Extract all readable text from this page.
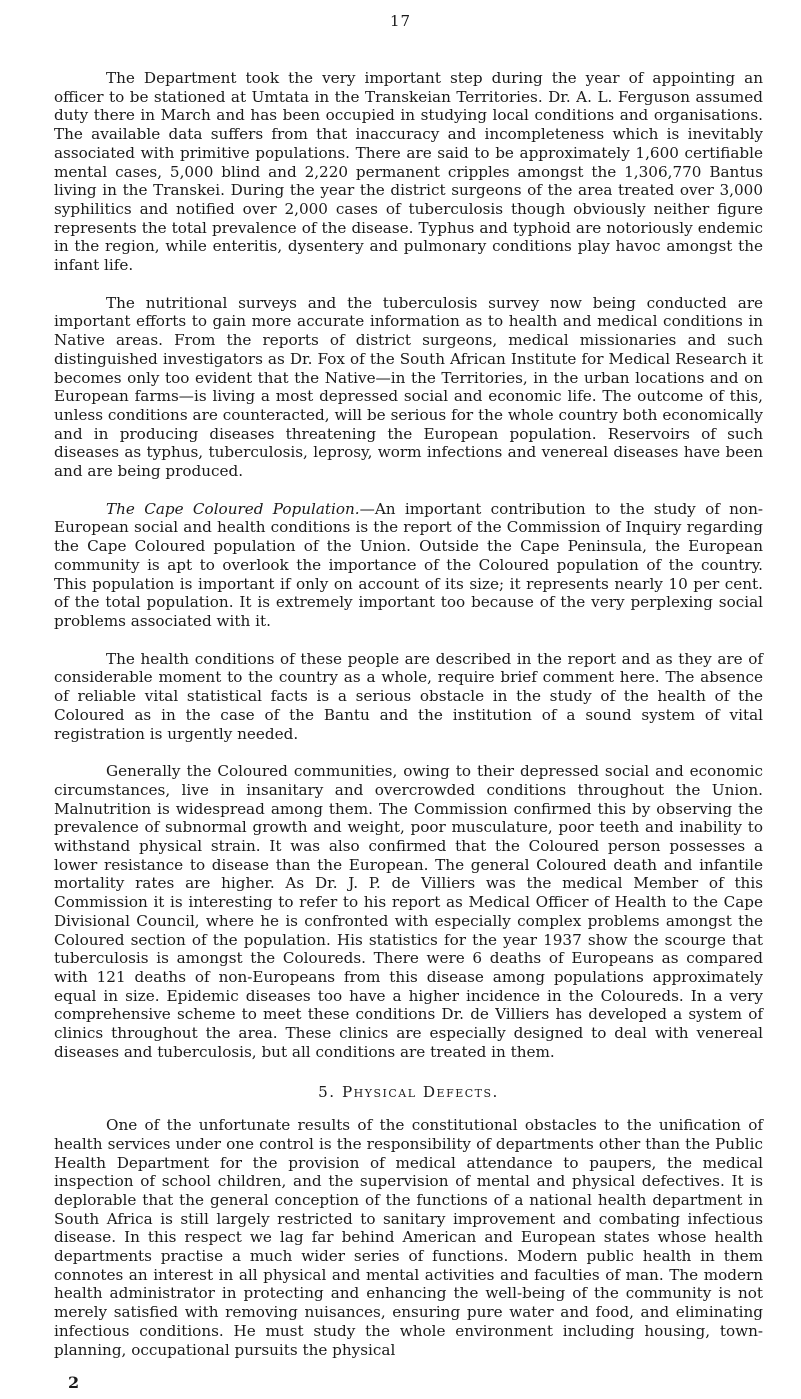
17

The Department took the very important step during the year of appointing an officer to be stationed at Umtata in the Transkeian Territories. Dr. A. L. Ferguson assumed duty there in March and has been occupied in studying local conditions and organisations. The available data suffers from that inaccuracy and incompleteness which is inevitably associated with primitive populations. There are said to be approximately 1,600 certifiable mental cases, 5,000 blind and 2,220 permanent cripples amongst the 1,306,770 Bantus living in the Transkei. During the year the district surgeons of the area treated over 3,000 syphilitics and notified over 2,000 cases of tuberculosis though obviously neither figure represents the total prevalence of the disease. Typhus and typhoid are notoriously endemic in the region, while enteritis, dysentery and pulmonary conditions play havoc amongst the infant life.

The nutritional surveys and the tuberculosis survey now being conducted are important efforts to gain more accurate information as to health and medical conditions in Native areas. From the reports of district surgeons, medical missionaries and such distinguished investigators as Dr. Fox of the South African Institute for Medical Research it becomes only too evident that the Native—in the Territories, in the urban locations and on European farms—is living a most depressed social and economic life. The outcome of this, unless conditions are counteracted, will be serious for the whole country both economically and in producing diseases threatening the European population. Reservoirs of such diseases as typhus, tuberculosis, leprosy, worm infections and venereal diseases have been and are being produced.

The Cape Coloured Population.—An important contribution to the study of non-European social and health conditions is the report of the Commission of Inquiry regarding the Cape Coloured population of the Union. Outside the Cape Peninsula, the European community is apt to overlook the importance of the Coloured population of the country. This population is important if only on account of its size; it represents nearly 10 per cent. of the total population. It is extremely important too because of the very perplexing social problems associated with it.

The health conditions of these people are described in the report and as they are of considerable moment to the country as a whole, require brief comment here. The absence of reliable vital statistical facts is a serious obstacle in the study of the health of the Coloured as in the case of the Bantu and the institution of a sound system of vital registration is urgently needed.

Generally the Coloured communities, owing to their depressed social and economic circumstances, live in insanitary and overcrowded conditions throughout the Union. Malnutrition is widespread among them. The Commission confirmed this by observing the prevalence of subnormal growth and weight, poor musculature, poor teeth and inability to withstand physical strain. It was also confirmed that the Coloured person possesses a lower resistance to disease than the European. The general Coloured death and infantile mortality rates are higher. As Dr. J. P. de Villiers was the medical Member of this Commission it is interesting to refer to his report as Medical Officer of Health to the Cape Divisional Council, where he is confronted with especially complex problems amongst the Coloured section of the population. His statistics for the year 1937 show the scourge that tuberculosis is amongst the Coloureds. There were 6 deaths of Europeans as compared with 121 deaths of non-Europeans from this disease among populations approximately equal in size. Epidemic diseases too have a higher incidence in the Coloureds. In a very comprehensive scheme to meet these conditions Dr. de Villiers has developed a system of clinics throughout the area. These clinics are especially designed to deal with venereal diseases and tuberculosis, but all conditions are treated in them.

5. Physical Defects.

One of the unfortunate results of the constitutional obstacles to the unification of health services under one control is the responsibility of departments other than the Public Health Department for the provision of medical attendance to paupers, the medical inspection of school children, and the supervision of mental and physical defectives. It is deplorable that the general conception of the functions of a national health department in South Africa is still largely restricted to sanitary improvement and combating infectious disease. In this respect we lag far behind American and European states whose health departments practise a much wider series of functions. Modern public health in them connotes an interest in all physical and mental activities and faculties of man. The modern health administrator in protecting and enhancing the well-being of the community is not merely satisfied with removing nuisances, ensuring pure water and food, and eliminating infectious conditions. He must study the whole environment including housing, town-planning, occupational pursuits the physical

2
